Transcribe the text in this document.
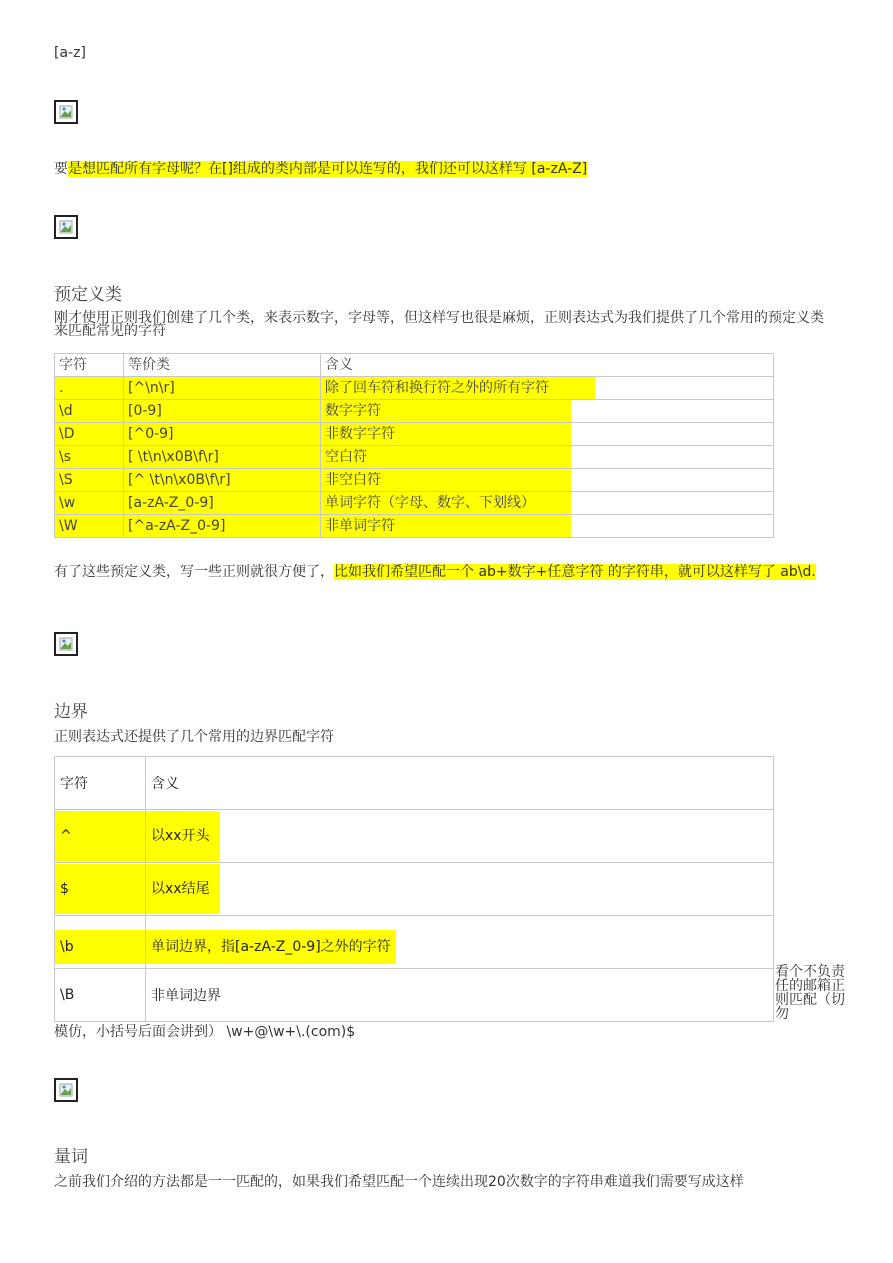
[a-z]
要是想匹配所有字母呢？在[]组成的类内部是可以连写的，我们还可以这样写 [a-zA-Z]
预定义类
刚才使用正则我们创建了几个类，来表示数字，字母等，但这样写也很是麻烦，正则表达式为我们提供了几个常用的预定义类来匹配常见的字符
字符	等价类	含义
.	[^\n\r]	除了回车符和换行符之外的所有字符
\d	[0-9]	数字字符
\D	[^0-9]	非数字字符
\s	[ \t\n\x0B\f\r]	空白符
\S	[^ \t\n\x0B\f\r]	非空白符
\w	[a-zA-Z_0-9]	单词字符（字母、数字、下划线）
\W	[^a-zA-Z_0-9]	非单词字符
有了这些预定义类，写一些正则就很方便了，比如我们希望匹配一个 ab+数字+任意字符 的字符串，就可以这样写了 ab\d.
边界
正则表达式还提供了几个常用的边界匹配字符
字符	含义

^	以xx开头

$	以xx结尾

\b	单词边界，指[a-zA-Z_0-9]之外的字符
\B	非单词边界
看个不负责任的邮箱正则匹配（切勿
模仿，小括号后面会讲到） \w+@\w+\.(com)$
量词
之前我们介绍的方法都是一一匹配的，如果我们希望匹配一个连续出现20次数字的字符串难道我们需要写成这样
